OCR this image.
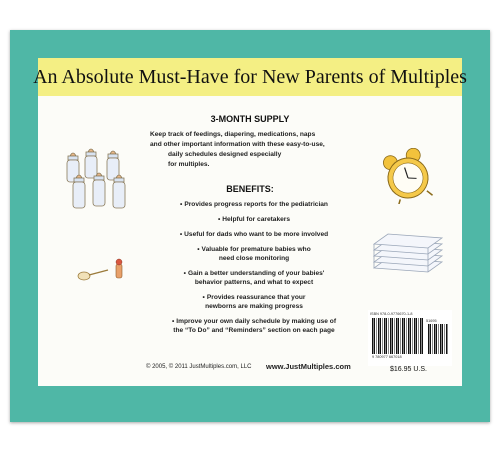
An Absolute Must-Have for New Parents of Multiples
3-MONTH SUPPLY
Keep track of feedings, diapering, medications, naps
and other important information with these easy-to-use,
daily schedules designed especially
for multiples.
BENEFITS:
• Provides progress reports for the pediatrician
• Helpful for caretakers
• Useful for dads who want to be more involved
• Valuable for premature babies who
need close monitoring
• Gain a better understanding of your babies'
behavior patterns, and what to expect
• Provides reassurance that your
newborns are making progress
• Improve your own daily schedule by making use of
the “To Do” and “Reminders” section on each page
© 2005, © 2011 JustMultiples.com, LLC www.JustMultiples.com
ISBN 978-0-9776670-1-8
51695
9 780977 667018
$16.95 U.S.
